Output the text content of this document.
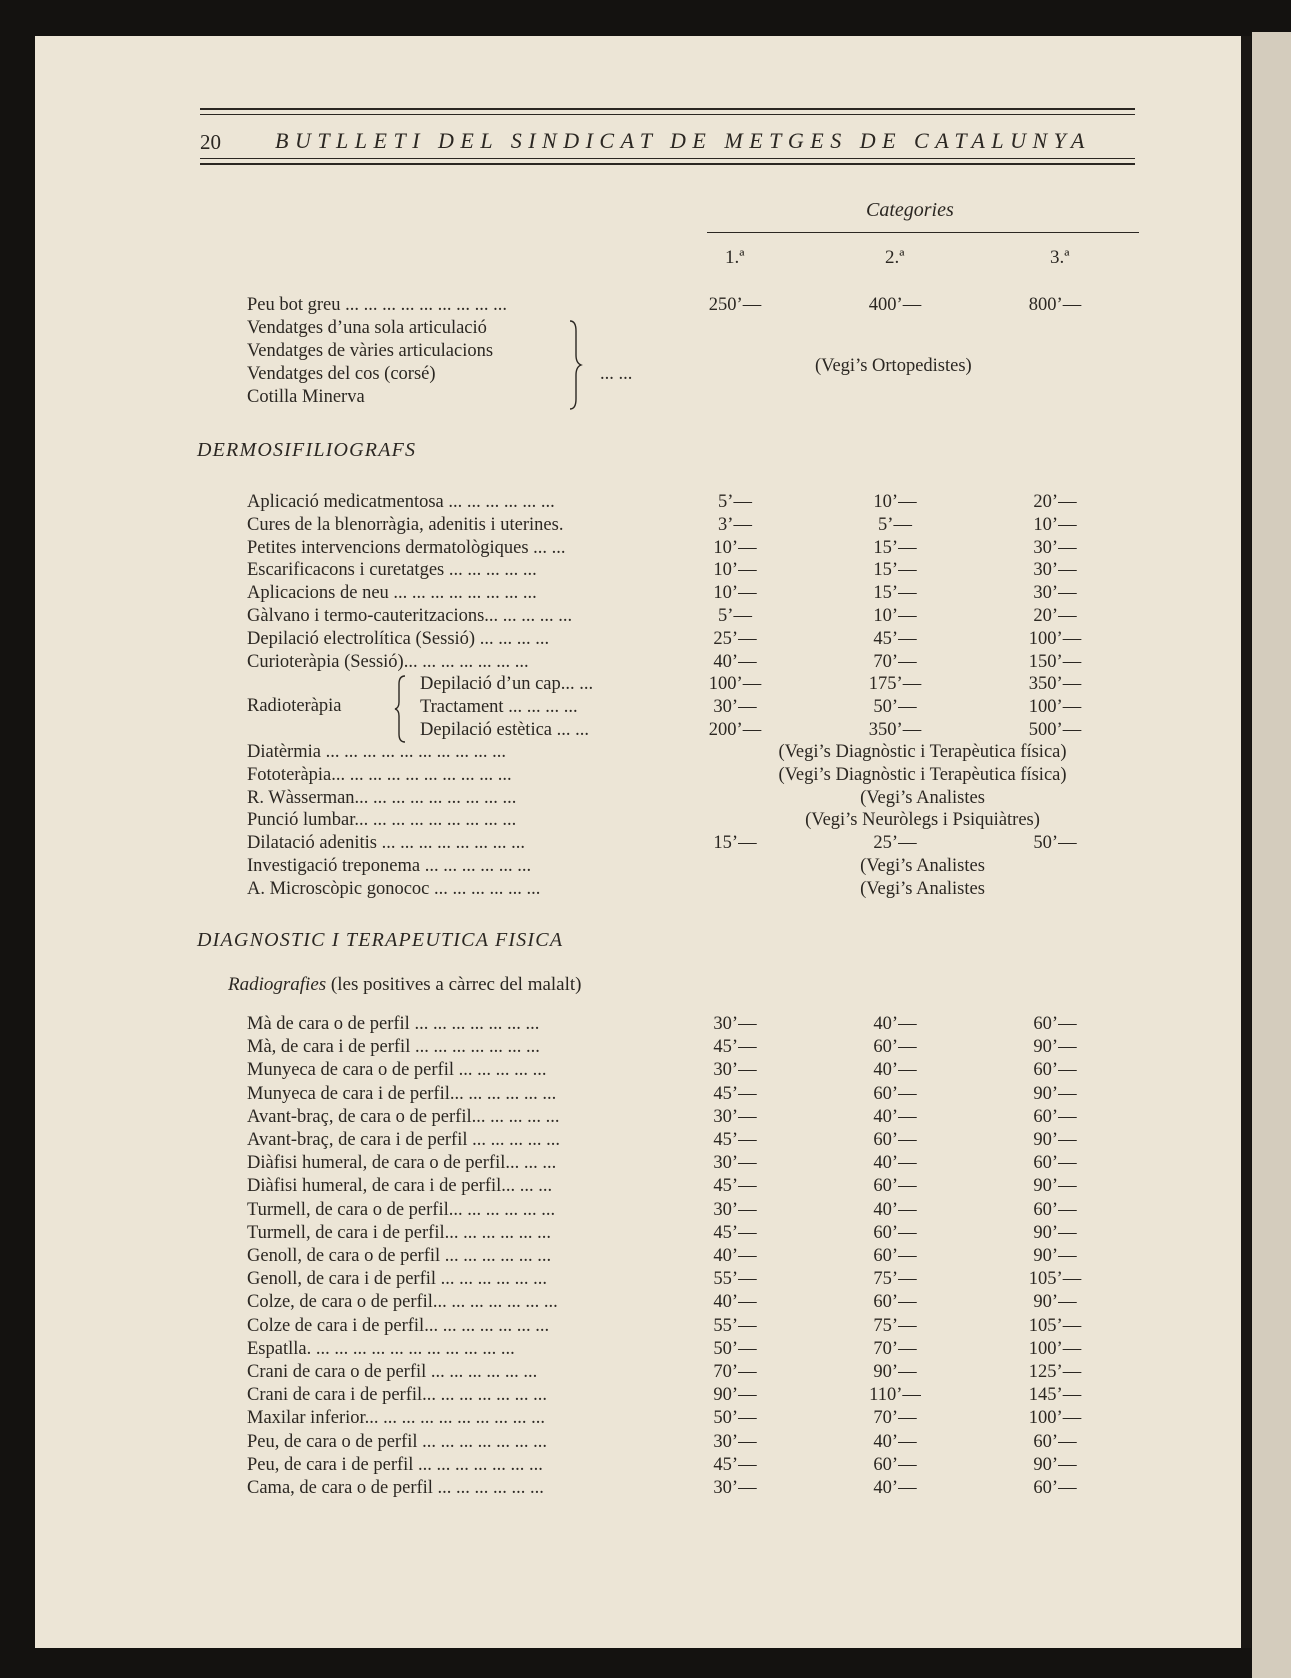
20 BUTLLETI DEL SINDICAT DE METGES DE CATALUNYA
Categories
1.ª	2.ª	3.ª
Peu bot greu ... ... ... ... ... ... ... ... ...	250’—	400’—	800’—
Vendatges d’una sola articulació
Vendatges de vàries articulacions
Vendatges del cos (corsé)
Cotilla Minerva
... ...	(Vegi’s Ortopedistes)
DERMOSIFILIOGRAFS
Aplicació medicatmentosa ... ... ... ... ... ...	5’—	10’—	20’—
Cures de la blenorràgia, adenitis i uterines.	3’—	5’—	10’—
Petites intervencions dermatològiques ... ...	10’—	15’—	30’—
Escarificacons i curetatges ... ... ... ... ...	10’—	15’—	30’—
Aplicacions de neu ... ... ... ... ... ... ... ...	10’—	15’—	30’—
Gàlvano i termo-cauteritzacions... ... ... ... ...	5’—	10’—	20’—
Depilació electrolítica (Sessió) ... ... ... ...	25’—	45’—	100’—
Curioteràpia (Sessió)... ... ... ... ... ... ...	40’—	70’—	150’—
Radioteràpia
Depilació d’un cap... ...	100’—	175’—	350’—
Tractament ... ... ... ...	30’—	50’—	100’—
Depilació estètica ... ...	200’—	350’—	500’—
Diatèrmia ... ... ... ... ... ... ... ... ... ...	(Vegi’s Diagnòstic i Terapèutica física)
Fototeràpia... ... ... ... ... ... ... ... ... ...	(Vegi’s Diagnòstic i Terapèutica física)
R. Wàsserman... ... ... ... ... ... ... ... ...	(Vegi’s Analistes
Punció lumbar... ... ... ... ... ... ... ... ...	(Vegi’s Neuròlegs i Psiquiàtres)
Dilatació adenitis ... ... ... ... ... ... ... ...	15’—	25’—	50’—
Investigació treponema ... ... ... ... ... ...	(Vegi’s Analistes
A. Microscòpic gonococ ... ... ... ... ... ...	(Vegi’s Analistes
DIAGNOSTIC I TERAPEUTICA FISICA
Radiografies (les positives a càrrec del malalt)
Mà de cara o de perfil ... ... ... ... ... ... ...	30’—	40’—	60’—
Mà, de cara i de perfil ... ... ... ... ... ... ...	45’—	60’—	90’—
Munyeca de cara o de perfil ... ... ... ... ...	30’—	40’—	60’—
Munyeca de cara i de perfil... ... ... ... ... ...	45’—	60’—	90’—
Avant-braç, de cara o de perfil... ... ... ... ...	30’—	40’—	60’—
Avant-braç, de cara i de perfil ... ... ... ... ...	45’—	60’—	90’—
Diàfisi humeral, de cara o de perfil... ... ...	30’—	40’—	60’—
Diàfisi humeral, de cara i de perfil... ... ...	45’—	60’—	90’—
Turmell, de cara o de perfil... ... ... ... ... ...	30’—	40’—	60’—
Turmell, de cara i de perfil... ... ... ... ... ...	45’—	60’—	90’—
Genoll, de cara o de perfil ... ... ... ... ... ...	40’—	60’—	90’—
Genoll, de cara i de perfil ... ... ... ... ... ...	55’—	75’—	105’—
Colze, de cara o de perfil... ... ... ... ... ... ...	40’—	60’—	90’—
Colze de cara i de perfil... ... ... ... ... ... ...	55’—	75’—	105’—
Espatlla. ... ... ... ... ... ... ... ... ... ... ...	50’—	70’—	100’—
Crani de cara o de perfil ... ... ... ... ... ...	70’—	90’—	125’—
Crani de cara i de perfil... ... ... ... ... ... ...	90’—	110’—	145’—
Maxilar inferior... ... ... ... ... ... ... ... ... ...	50’—	70’—	100’—
Peu, de cara o de perfil ... ... ... ... ... ... ...	30’—	40’—	60’—
Peu, de cara i de perfil ... ... ... ... ... ... ...	45’—	60’—	90’—
Cama, de cara o de perfil ... ... ... ... ... ...	30’—	40’—	60’—
